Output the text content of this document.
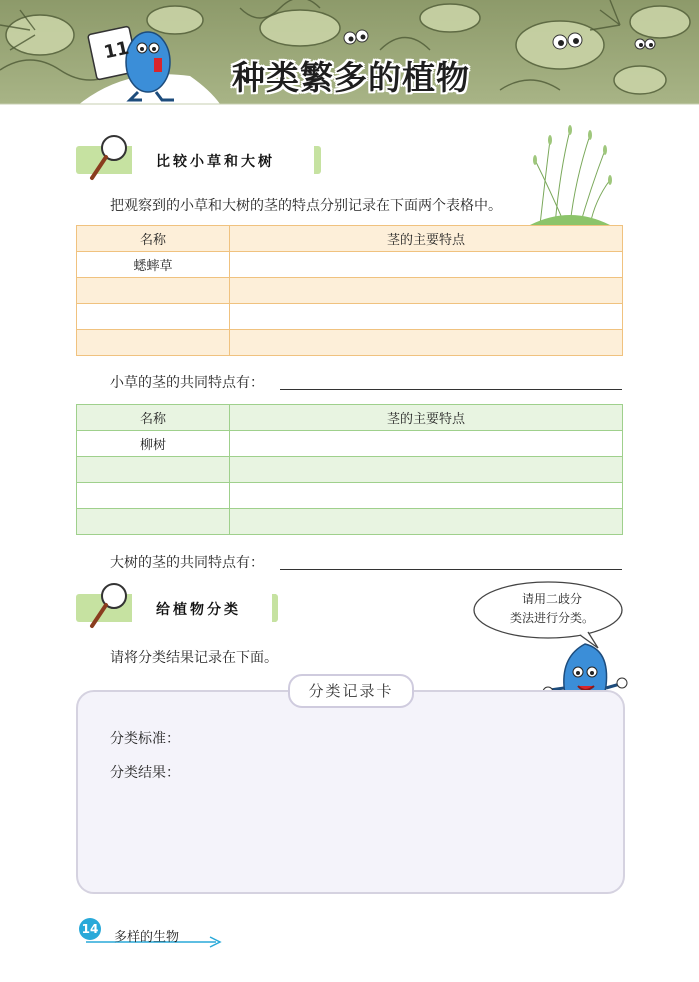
11
种类繁多的植物
比较小草和大树
把观察到的小草和大树的茎的特点分别记录在下面两个表格中。
名称	茎的主要特点
蟋蟀草	

小草的茎的共同特点有：
名称	茎的主要特点
柳树	

大树的茎的共同特点有：
给植物分类
请用二歧分
类法进行分类。
请将分类结果记录在下面。
分类记录卡
分类标准：
分类结果：
14
多样的生物
